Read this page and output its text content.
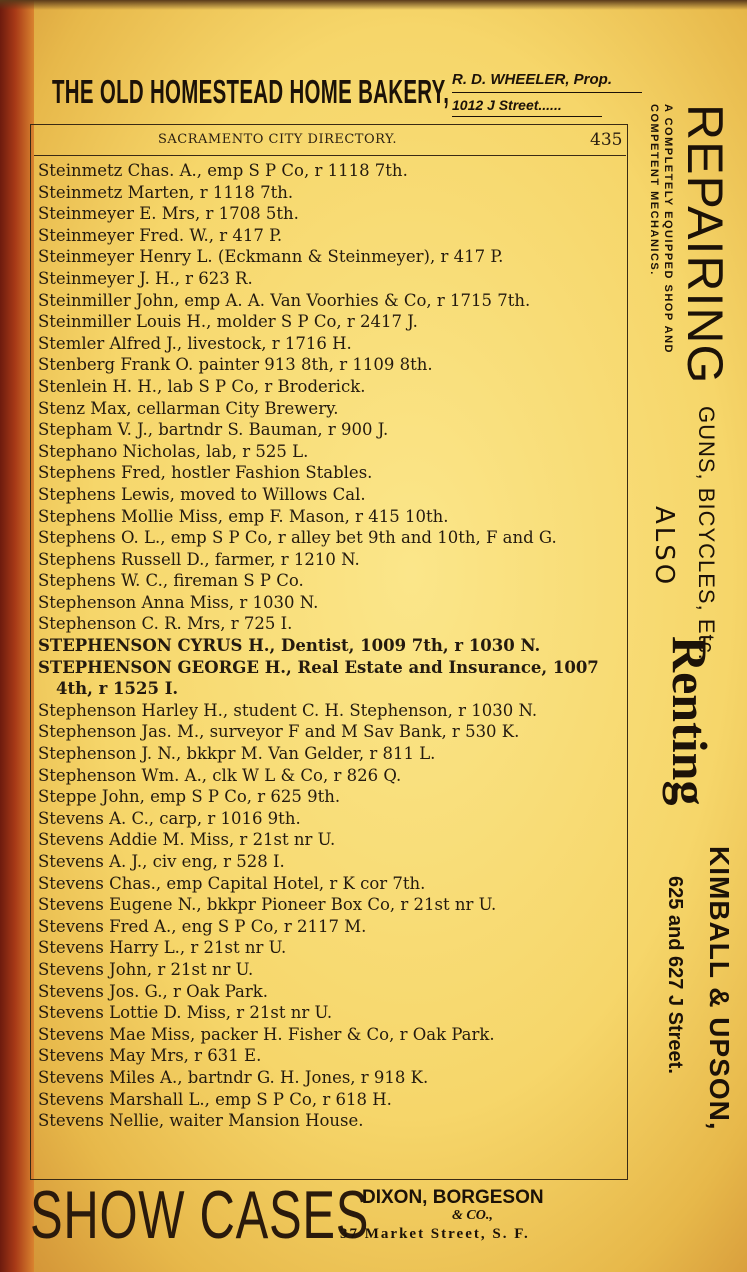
THE OLD HOMESTEAD HOME BAKERY, R. D. WHEELER, Prop.
1012 J Street......
SACRAMENTO CITY DIRECTORY.	435
Steinmetz Chas. A., emp S P Co, r 1118 7th.
Steinmetz Marten, r 1118 7th.
Steinmeyer E. Mrs, r 1708 5th.
Steinmeyer Fred. W., r 417 P.
Steinmeyer Henry L. (Eckmann & Steinmeyer), r 417 P.
Steinmeyer J. H., r 623 R.
Steinmiller John, emp A. A. Van Voorhies & Co, r 1715 7th.
Steinmiller Louis H., molder S P Co, r 2417 J.
Stemler Alfred J., livestock, r 1716 H.
Stenberg Frank O. painter 913 8th, r 1109 8th.
Stenlein H. H., lab S P Co, r Broderick.
Stenz Max, cellarman City Brewery.
Stepham V. J., bartndr S. Bauman, r 900 J.
Stephano Nicholas, lab, r 525 L.
Stephens Fred, hostler Fashion Stables.
Stephens Lewis, moved to Willows Cal.
Stephens Mollie Miss, emp F. Mason, r 415 10th.
Stephens O. L., emp S P Co, r alley bet 9th and 10th, F and G.
Stephens Russell D., farmer, r 1210 N.
Stephens W. C., fireman S P Co.
Stephenson Anna Miss, r 1030 N.
Stephenson C. R. Mrs, r 725 I.
STEPHENSON CYRUS H., Dentist, 1009 7th, r 1030 N.
STEPHENSON GEORGE H., Real Estate and Insurance, 1007 4th, r 1525 I.
Stephenson Harley H., student C. H. Stephenson, r 1030 N.
Stephenson Jas. M., surveyor F and M Sav Bank, r 530 K.
Stephenson J. N., bkkpr M. Van Gelder, r 811 L.
Stephenson Wm. A., clk W L & Co, r 826 Q.
Steppe John, emp S P Co, r 625 9th.
Stevens A. C., carp, r 1016 9th.
Stevens Addie M. Miss, r 21st nr U.
Stevens A. J., civ eng, r 528 I.
Stevens Chas., emp Capital Hotel, r K cor 7th.
Stevens Eugene N., bkkpr Pioneer Box Co, r 21st nr U.
Stevens Fred A., eng S P Co, r 2117 M.
Stevens Harry L., r 21st nr U.
Stevens John, r 21st nr U.
Stevens Jos. G., r Oak Park.
Stevens Lottie D. Miss, r 21st nr U.
Stevens Mae Miss, packer H. Fisher & Co, r Oak Park.
Stevens May Mrs, r 631 E.
Stevens Miles A., bartndr G. H. Jones, r 918 K.
Stevens Marshall L., emp S P Co, r 618 H.
Stevens Nellie, waiter Mansion House.
REPAIRING
A COMPLETELY EQUIPPED SHOP AND
COMPETENT MECHANICS.
GUNS, BICYCLES, Etc.
ALSO
Renting
KIMBALL & UPSON,
625 and 627 J Street.
SHOW CASES
DIXON, BORGESON
& CO.,
37 Market Street, S. F.
